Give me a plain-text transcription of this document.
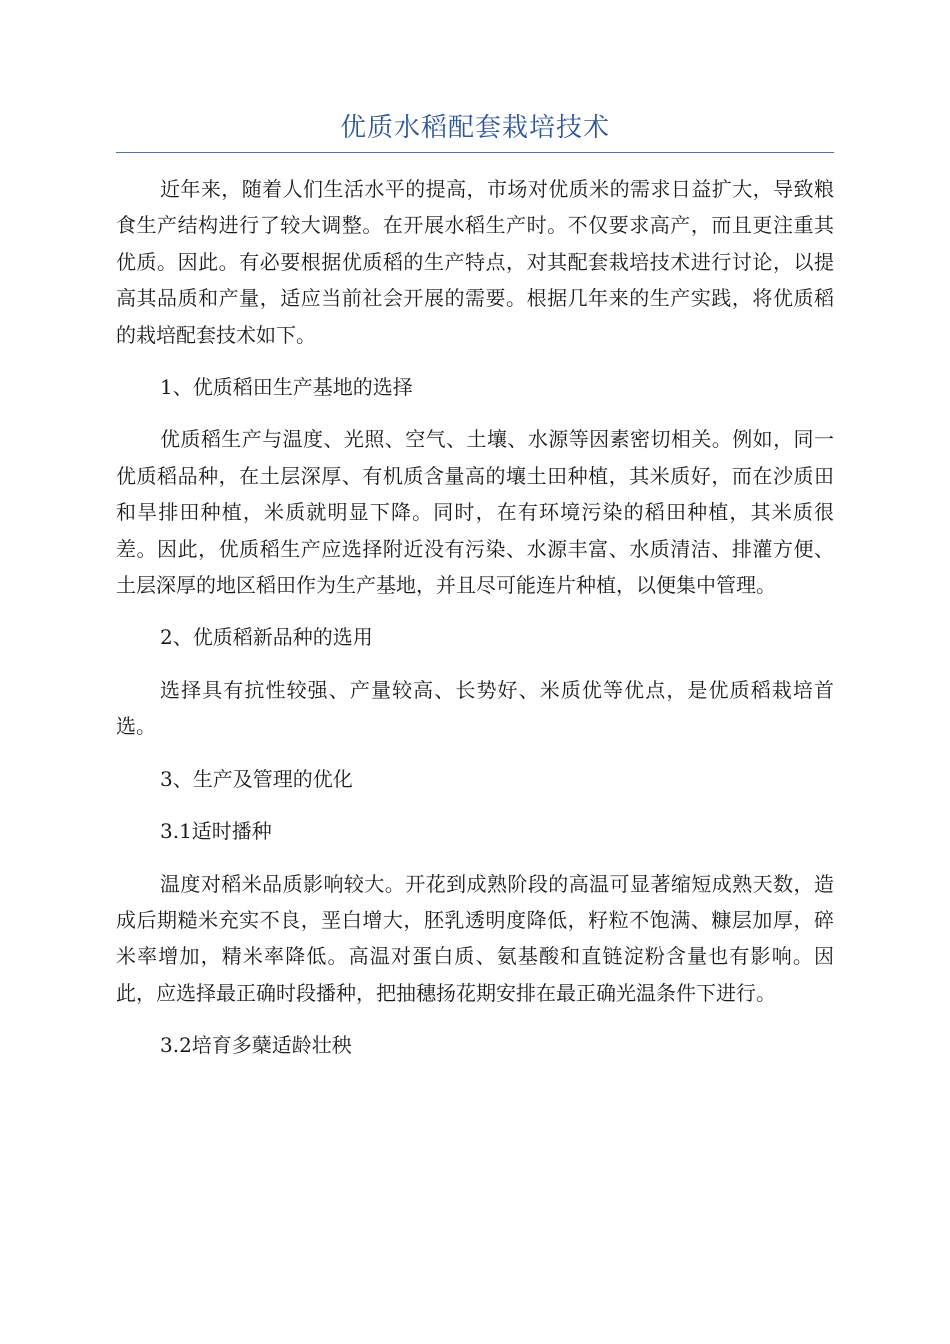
优质水稻配套栽培技术

近年来，随着人们生活水平的提高，市场对优质米的需求日益扩大，导致粮食生产结构进行了较大调整。在开展水稻生产时。不仅要求高产，而且更注重其优质。因此。有必要根据优质稻的生产特点，对其配套栽培技术进行讨论，以提高其品质和产量，适应当前社会开展的需要。根据几年来的生产实践，将优质稻的栽培配套技术如下。

1、优质稻田生产基地的选择

优质稻生产与温度、光照、空气、土壤、水源等因素密切相关。例如，同一优质稻品种，在土层深厚、有机质含量高的壤土田种植，其米质好，而在沙质田和旱排田种植，米质就明显下降。同时，在有环境污染的稻田种植，其米质很差。因此，优质稻生产应选择附近没有污染、水源丰富、水质清洁、排灌方便、土层深厚的地区稻田作为生产基地，并且尽可能连片种植，以便集中管理。

2、优质稻新品种的选用

选择具有抗性较强、产量较高、长势好、米质优等优点，是优质稻栽培首选。

3、生产及管理的优化

3.1适时播种

温度对稻米品质影响较大。开花到成熟阶段的高温可显著缩短成熟天数，造成后期糙米充实不良，垩白增大，胚乳透明度降低，籽粒不饱满、糠层加厚，碎米率增加，精米率降低。高温对蛋白质、氨基酸和直链淀粉含量也有影响。因此，应选择最正确时段播种，把抽穗扬花期安排在最正确光温条件下进行。

3.2培育多蘖适龄壮秧
